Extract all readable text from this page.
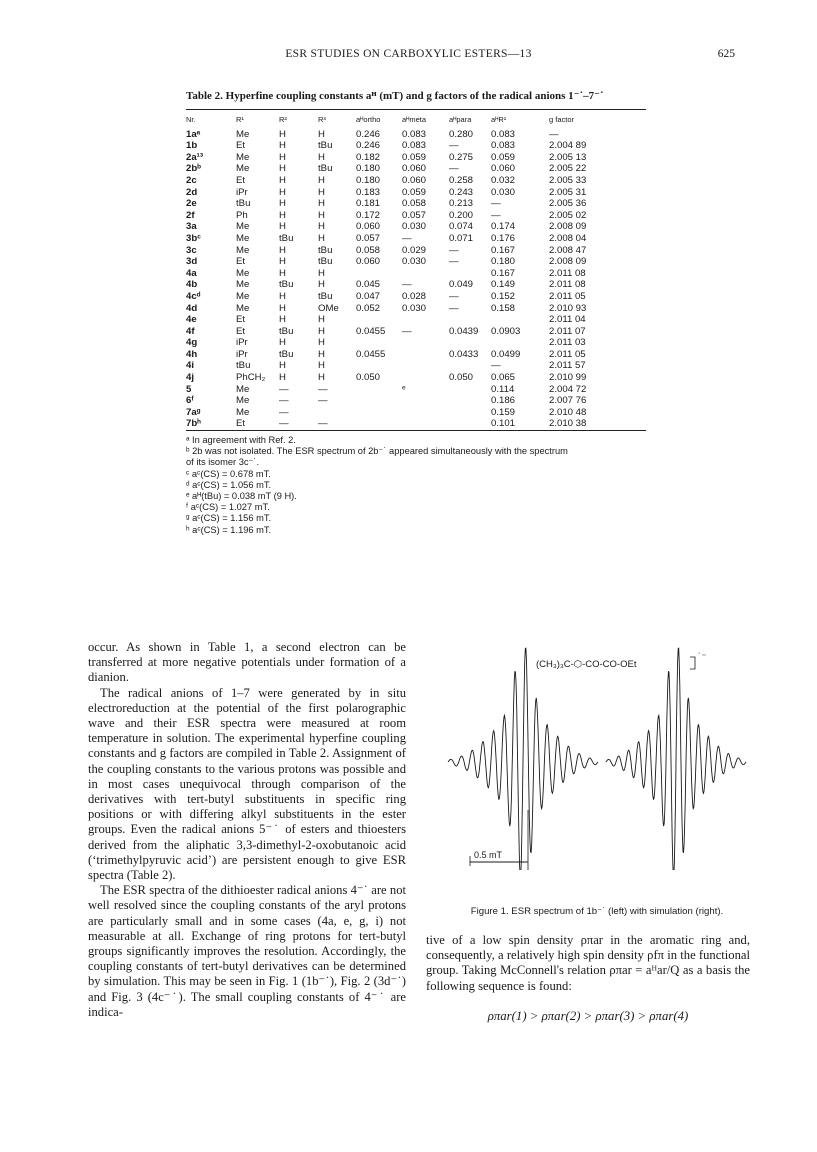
ESR STUDIES ON CARBOXYLIC ESTERS—13	625
Table 2. Hyperfine coupling constants aᴴ (mT) and g factors of the radical anions 1⁻˙–7⁻˙
Nr.	R¹	R²	R³	aᴴortho	aᴴmeta	aᴴpara	aᴴR¹	g factor
1aᵃ	Me	H	H	0.246	0.083	0.280	0.083	—
1b	Et	H	tBu	0.246	0.083	—	0.083	2.004 89
2a¹³	Me	H	H	0.182	0.059	0.275	0.059	2.005 13
2bᵇ	Me	H	tBu	0.180	0.060	—	0.060	2.005 22
2c	Et	H	H	0.180	0.060	0.258	0.032	2.005 33
2d	iPr	H	H	0.183	0.059	0.243	0.030	2.005 31
2e	tBu	H	H	0.181	0.058	0.213	—	2.005 36
2f	Ph	H	H	0.172	0.057	0.200	—	2.005 02
3a	Me	H	H	0.060	0.030	0.074	0.174	2.008 09
3bᶜ	Me	tBu	H	0.057	—	0.071	0.176	2.008 04
3c	Me	H	tBu	0.058	0.029	—	0.167	2.008 47
3d	Et	H	tBu	0.060	0.030	—	0.180	2.008 09
4a	Me	H	H				0.167	2.011 08
4b	Me	tBu	H	0.045	—	0.049	0.149	2.011 08
4cᵈ	Me	H	tBu	0.047	0.028	—	0.152	2.011 05
4d	Me	H	OMe	0.052	0.030	—	0.158	2.010 93
4e	Et	H	H					2.011 04
4f	Et	tBu	H	0.0455	—	0.0439	0.0903	2.011 07
4g	iPr	H	H					2.011 03
4h	iPr	tBu	H	0.0455		0.0433	0.0499	2.011 05
4i	tBu	H	H				—	2.011 57
4j	PhCH₂	H	H	0.050		0.050	0.065	2.010 99
5	Me	—	—		ᵉ		0.114	2.004 72
6ᶠ	Me	—	—				0.186	2.007 76
7aᵍ	Me	—					0.159	2.010 48
7bʰ	Et	—	—				0.101	2.010 38
ᵃ In agreement with Ref. 2.
ᵇ 2b was not isolated. The ESR spectrum of 2b⁻˙ appeared simultaneously with the spectrum
of its isomer 3c⁻˙.
ᶜ aᶜ(CS) = 0.678 mT.
ᵈ aᶜ(CS) = 1.056 mT.
ᵉ aᴴ(tBu) = 0.038 mT (9 H).
ᶠ aᶜ(CS) = 1.027 mT.
ᵍ aᶜ(CS) = 1.156 mT.
ʰ aᶜ(CS) = 1.196 mT.

occur. As shown in Table 1, a second electron can be transferred at more negative potentials under formation of a dianion.

The radical anions of 1–7 were generated by in situ electroreduction at the potential of the first polarographic wave and their ESR spectra were measured at room temperature in solution. The experimental hyperfine coupling constants and g factors are compiled in Table 2. Assignment of the coupling constants to the various protons was possible and in most cases unequivocal through comparison of the derivatives with tert-butyl substituents in specific ring positions or with differing alkyl substituents in the ester groups. Even the radical anions 5⁻˙ of esters and thioesters derived from the aliphatic 3,3-dimethyl-2-oxobutanoic acid (‘trimethylpyruvic acid’) are persistent enough to give ESR spectra (Table 2).

The ESR spectra of the dithioester radical anions 4⁻˙ are not well resolved since the coupling constants of the aryl protons are particularly small and in some cases (4a, e, g, i) not measurable at all. Exchange of ring protons for tert-butyl groups significantly improves the resolution. Accordingly, the coupling constants of tert-butyl derivatives can be determined by simulation. This may be seen in Fig. 1 (1b⁻˙), Fig. 2 (3d⁻˙) and Fig. 3 (4c⁻˙). The small coupling constants of 4⁻˙ are indica-

(CH₃)₃C-⬡-CO-CO-OEt
˙⁻
0.5 mT
Figure 1. ESR spectrum of 1b⁻˙ (left) with simulation (right).

tive of a low spin density ρπar in the aromatic ring and, consequently, a relatively high spin density ρfπ in the functional group. Taking McConnell's relation ρπar = aᴴar/Q as a basis the following sequence is found:

ρπar(1) > ρπar(2) > ρπar(3) > ρπar(4)
